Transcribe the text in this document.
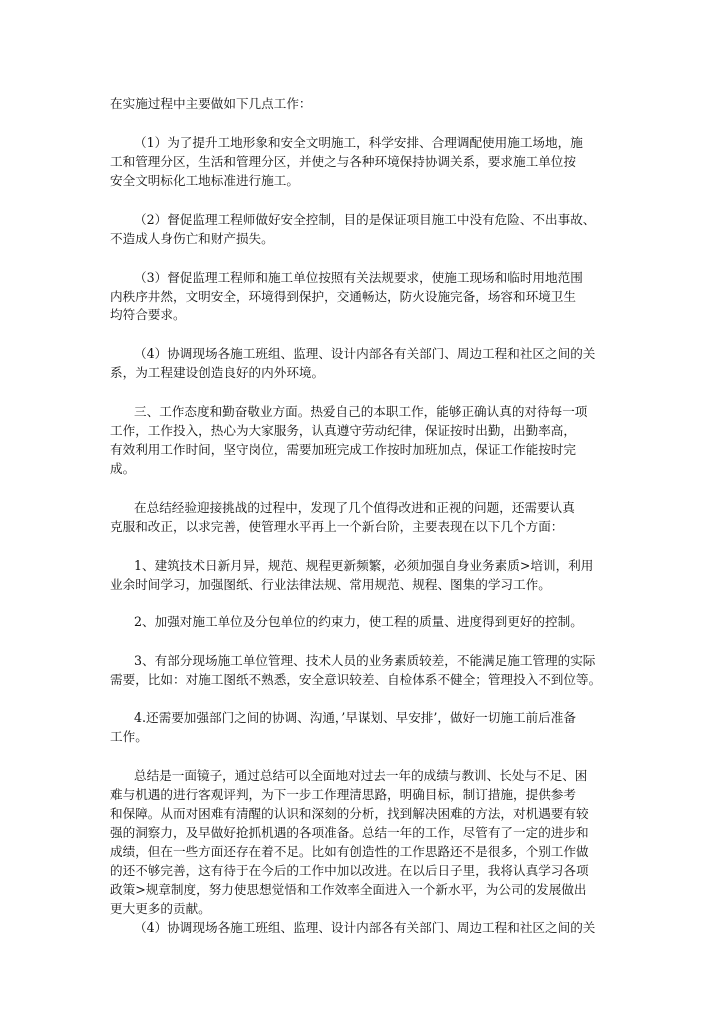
在实施过程中主要做如下几点工作：
（1）为了提升工地形象和安全文明施工，科学安排、合理调配使用施工场地，施
工和管理分区，生活和管理分区，并使之与各种环境保持协调关系，要求施工单位按
安全文明标化工地标准进行施工。
（2）督促监理工程师做好安全控制，目的是保证项目施工中没有危险、不出事故、
不造成人身伤亡和财产损失。
（3）督促监理工程师和施工单位按照有关法规要求，使施工现场和临时用地范围
内秩序井然，文明安全，环境得到保护，交通畅达，防火设施完备，场容和环境卫生
均符合要求。
（4）协调现场各施工班组、监理、设计内部各有关部门、周边工程和社区之间的关
系，为工程建设创造良好的内外环境。
三、工作态度和勤奋敬业方面。热爱自己的本职工作，能够正确认真的对待每一项
工作，工作投入，热心为大家服务，认真遵守劳动纪律，保证按时出勤，出勤率高，
有效利用工作时间，坚守岗位，需要加班完成工作按时加班加点，保证工作能按时完
成。
在总结经验迎接挑战的过程中，发现了几个值得改进和正视的问题，还需要认真
克服和改正，以求完善，使管理水平再上一个新台阶，主要表现在以下几个方面：
1、建筑技术日新月异，规范、规程更新频繁，必须加强自身业务素质>培训，利用
业余时间学习，加强图纸、行业法律法规、常用规范、规程、图集的学习工作。
2、加强对施工单位及分包单位的约束力，使工程的质量、进度得到更好的控制。
3、有部分现场施工单位管理、技术人员的业务素质较差，不能满足施工管理的实际
需要，比如：对施工图纸不熟悉，安全意识较差、自检体系不健全；管理投入不到位等。
4.还需要加强部门之间的协调、沟通，’早谋划、早安排’，做好一切施工前后准备
工作。
总结是一面镜子，通过总结可以全面地对过去一年的成绩与教训、长处与不足、困
难与机遇的进行客观评判，为下一步工作理清思路，明确目标，制订措施，提供参考
和保障。从而对困难有清醒的认识和深刻的分析，找到解决困难的方法，对机遇要有较
强的洞察力，及早做好抢抓机遇的各项准备。总结一年的工作，尽管有了一定的进步和
成绩，但在一些方面还存在着不足。比如有创造性的工作思路还不是很多，个别工作做
的还不够完善，这有待于在今后的工作中加以改进。在以后日子里，我将认真学习各项
政策>规章制度，努力使思想觉悟和工作效率全面进入一个新水平，为公司的发展做出
更大更多的贡献。
（4）协调现场各施工班组、监理、设计内部各有关部门、周边工程和社区之间的关
